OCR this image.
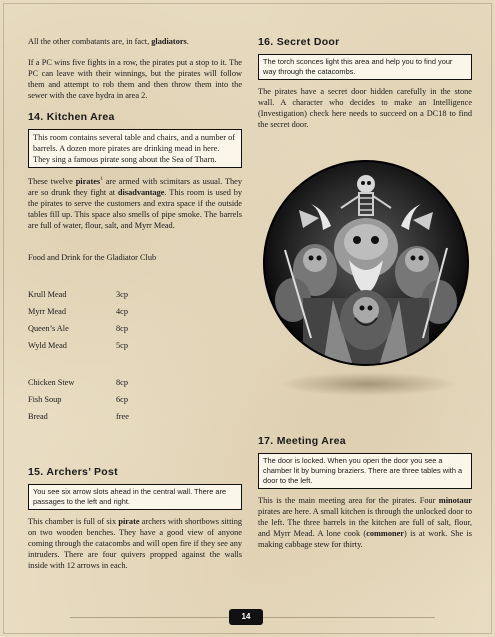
All the other combatants are, in fact, gladiators.

If a PC wins five fights in a row, the pirates put a stop to it. The PC can leave with their winnings, but the pirates will follow them and attempt to rob them and then throw them into the sewer with the cave hydra in area 2.

14. Kitchen Area
This room contains several table and chairs, and a number of barrels. A dozen more pirates are drinking mead in here. They sing a famous pirate song about the Sea of Tharn.

These twelve pirates$^1$ are armed with scimitars as usual. They are so drunk they fight at disadvantage. This room is used by the pirates to serve the customers and extra space if the outside tables fill up. This space also smells of pipe smoke. The barrels are full of water, flour, salt, and Myrr Mead.

Food and Drink for the Gladiator Club
Krull Mead	3cp
Myrr Mead	4cp
Queen’s Ale	8cp
Wyld Mead	5cp
Chicken Stew	8cp
Fish Soup	6cp
Bread	free
15. Archers’ Post
You see six arrow slots ahead in the central wall. There are passages to the left and right.

This chamber is full of six pirate archers with shortbows sitting on two wooden benches. They have a good view of anyone coming through the catacombs and will open fire if they see any intruders. There are four quivers propped against the walls inside with 12 arrows in each.

16. Secret Door
The torch sconces light this area and help you to find your way through the catacombs.

The pirates have a secret door hidden carefully in the stone wall. A character who decides to make an Intelligence (Investigation) check here needs to succeed on a DC18 to find the secret door.

17. Meeting Area
The door is locked. When you open the door you see a chamber lit by burning braziers. There are three tables with a door to the left.

This is the main meeting area for the pirates. Four minotaur pirates are here. A small kitchen is through the unlocked door to the left. The three barrels in the kitchen are full of salt, flour, and Myrr Mead. A lone cook (commoner) is at work. She is making cabbage stew for thirty.

14
